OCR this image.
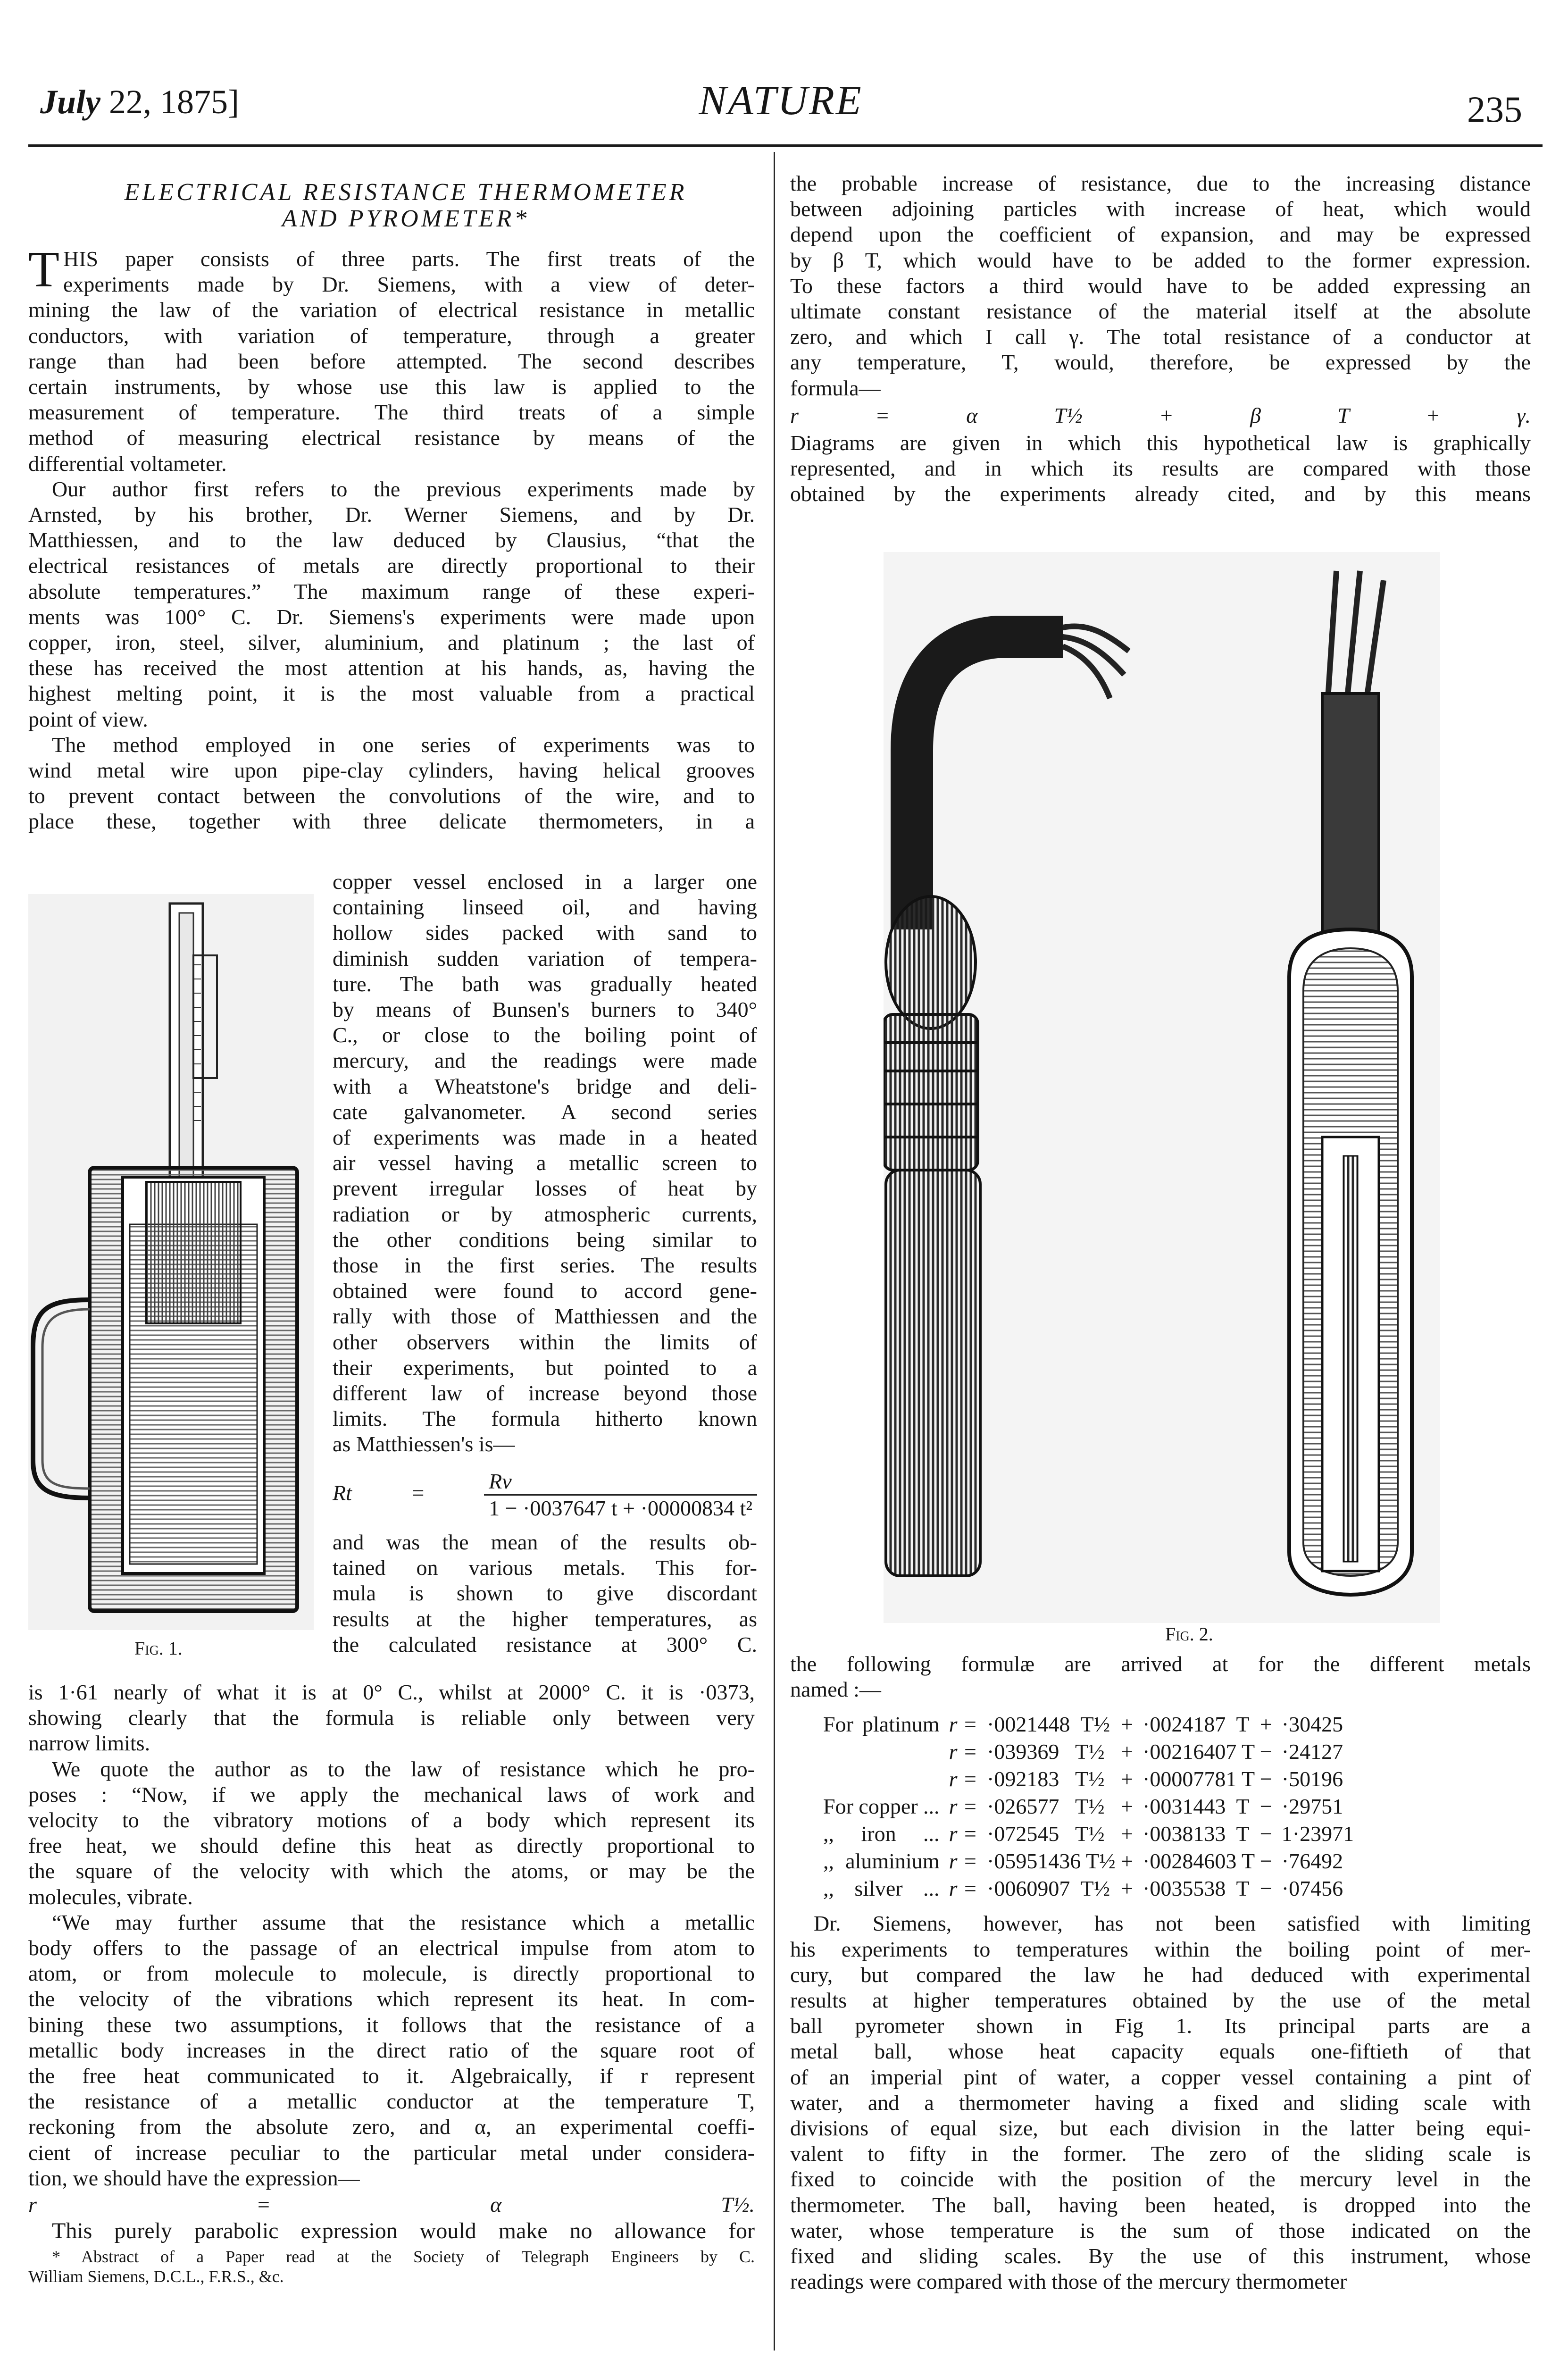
July 22, 1875]	NATURE	235
ELECTRICAL RESISTANCE THERMOMETER
AND PYROMETER*
T HIS paper consists of three parts. The first treats of the
experiments made by Dr. Siemens, with a view of deter-
mining the law of the variation of electrical resistance in metallic
conductors, with variation of temperature, through a greater
range than had been before attempted. The second describes
certain instruments, by whose use this law is applied to the
measurement of temperature. The third treats of a simple
method of measuring electrical resistance by means of the
differential voltameter.
Our author first refers to the previous experiments made by
Arnsted, by his brother, Dr. Werner Siemens, and by Dr.
Matthiessen, and to the law deduced by Clausius, “that the
electrical resistances of metals are directly proportional to their
absolute temperatures.” The maximum range of these experi-
ments was 100° C. Dr. Siemens's experiments were made upon
copper, iron, steel, silver, aluminium, and platinum ; the last of
these has received the most attention at his hands, as, having the
highest melting point, it is the most valuable from a practical
point of view.
The method employed in one series of experiments was to
wind metal wire upon pipe-clay cylinders, having helical grooves
to prevent contact between the convolutions of the wire, and to
place these, together with three delicate thermometers, in a
copper vessel enclosed in a larger one
containing linseed oil, and having
hollow sides packed with sand to
diminish sudden variation of tempera-
ture. The bath was gradually heated
by means of Bunsen's burners to 340°
C., or close to the boiling point of
mercury, and the readings were made
with a Wheatstone's bridge and deli-
cate galvanometer. A second series
of experiments was made in a heated
air vessel having a metallic screen to
prevent irregular losses of heat by
radiation or by atmospheric currents,
the other conditions being similar to
those in the first series. The results
obtained were found to accord gene-
rally with those of Matthiessen and the
other observers within the limits of
their experiments, but pointed to a
different law of increase beyond those
limits. The formula hitherto known
as Matthiessen's is—
Rt =	$\frac{Rv}{\text{1 − ·0037647 t + ·00000834 t²}}$
and was the mean of the results ob-
tained on various metals. This for-
mula is shown to give discordant
results at the higher temperatures, as
the calculated resistance at 300° C.
Fig. 1.
is 1·61 nearly of what it is at 0° C., whilst at 2000° C. it is ·0373,
showing clearly that the formula is reliable only between very
narrow limits.
We quote the author as to the law of resistance which he pro-
poses : “Now, if we apply the mechanical laws of work and
velocity to the vibratory motions of a body which represent its
free heat, we should define this heat as directly proportional to
the square of the velocity with which the atoms, or may be the
molecules, vibrate.
“We may further assume that the resistance which a metallic
body offers to the passage of an electrical impulse from atom to
atom, or from molecule to molecule, is directly proportional to
the velocity of the vibrations which represent its heat. In com-
bining these two assumptions, it follows that the resistance of a
metallic body increases in the direct ratio of the square root of
the free heat communicated to it. Algebraically, if r represent
the resistance of a metallic conductor at the temperature T,
reckoning from the absolute zero, and α, an experimental coeffi-
cient of increase peculiar to the particular metal under considera-
tion, we should have the expression—
r = α T½.
This purely parabolic expression would make no allowance for
* Abstract of a Paper read at the Society of Telegraph Engineers by C.
William Siemens, D.C.L., F.R.S., &c.
the probable increase of resistance, due to the increasing distance
between adjoining particles with increase of heat, which would
depend upon the coefficient of expansion, and may be expressed
by β T, which would have to be added to the former expression.
To these factors a third would have to be added expressing an
ultimate constant resistance of the material itself at the absolute
zero, and which I call γ. The total resistance of a conductor at
any temperature, T, would, therefore, be expressed by the
formula—
r = α T½ + β T + γ.
Diagrams are given in which this hypothetical law is graphically
represented, and in which its results are compared with those
obtained by the experiments already cited, and by this means
Fig. 2.
the following formulæ are arrived at for the different metals
named :—
For platinum	r =	·0021448 T½ +	·0024187 T +	·30425
	r =	·039369 T½ +	·00216407 T −	·24127
	r =	·092183 T½ +	·00007781 T −	·50196
For copper ...	r =	·026577 T½ +	·0031443 T −	·29751
,, iron ...	r =	·072545 T½ +	·0038133 T −	1·23971
,, aluminium	r =	·05951436 T½ +	·00284603 T −	·76492
,, silver ...	r =	·0060907 T½ +	·0035538 T −	·07456
Dr. Siemens, however, has not been satisfied with limiting
his experiments to temperatures within the boiling point of mer-
cury, but compared the law he had deduced with experimental
results at higher temperatures obtained by the use of the metal
ball pyrometer shown in Fig 1. Its principal parts are a
metal ball, whose heat capacity equals one-fiftieth of that
of an imperial pint of water, a copper vessel containing a pint of
water, and a thermometer having a fixed and sliding scale with
divisions of equal size, but each division in the latter being equi-
valent to fifty in the former. The zero of the sliding scale is
fixed to coincide with the position of the mercury level in the
thermometer. The ball, having been heated, is dropped into the
water, whose temperature is the sum of those indicated on the
fixed and sliding scales. By the use of this instrument, whose
readings were compared with those of the mercury thermometer
